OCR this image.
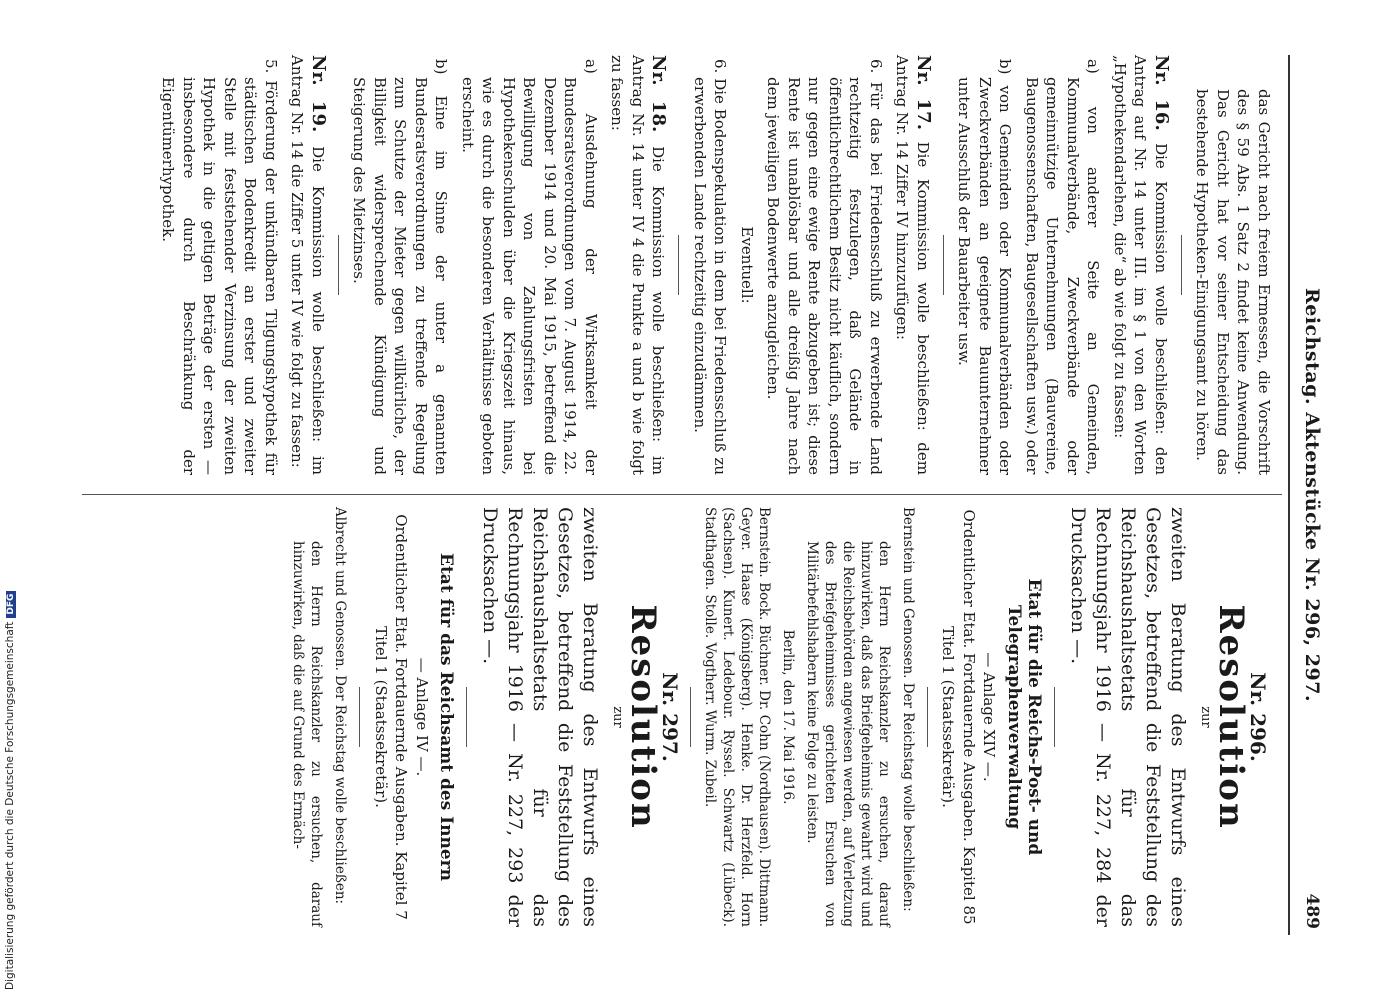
Digitalisierung gefördert durch die Deutsche ForschungsgemeinschaftDFG	Reichstag. Aktenstücke Nr. 296, 297.
489

das Gericht nach freiem Ermessen, die Vorschrift des § 59 Abs. 1 Satz 2 findet keine Anwendung. Das Gericht hat vor seiner Entscheidung das bestehende Hypotheken-Einigungsamt zu hören.

Nr. 16. Die Kommission wolle beschließen: den Antrag auf Nr. 14 unter III. im § 1 von den Worten „Hypothekendarlehen, die“ ab wie folgt zu fassen:

a) von anderer Seite an Gemeinden, Kommunalverbände, Zweckverbände oder gemeinnützige Unternehmungen (Bauvereine, Baugenossenschaften, Baugesellschaften usw.) oder

b) von Gemeinden oder Kommunalverbänden oder Zweckverbänden an geeignete Bauunternehmer unter Ausschluß der Bauarbeiter usw.

Nr. 17. Die Kommission wolle beschließen: dem Antrag Nr. 14 Ziffer IV hinzuzufügen:

6. Für das bei Friedensschluß zu erwerbende Land rechtzeitig festzulegen, daß Gelände in öffentlichrechtlichem Besitz nicht käuflich, sondern nur gegen eine ewige Rente abzugeben ist; diese Rente ist unablösbar und alle dreißig Jahre nach dem jeweiligen Bodenwerte anzugleichen.

Eventuell:

6. Die Bodenspekulation in dem bei Friedensschluß zu erwerbenden Lande rechtzeitig einzudämmen.

Nr. 18. Die Kommission wolle beschließen: im Antrag Nr. 14 unter IV 4 die Punkte a und b wie folgt zu fassen:

a) Ausdehnung der Wirksamkeit der Bundesratsverordnungen vom 7. August 1914, 22. Dezember 1914 und 20. Mai 1915, betreffend die Bewilligung von Zahlungsfristen bei Hypothekenschulden über die Kriegszeit hinaus, wie es durch die besonderen Verhältnisse geboten erscheint.

b) Eine im Sinne der unter a genannten Bundesratsverordnungen zu treffende Regelung zum Schutze der Mieter gegen willkürliche, der Billigkeit widersprechende Kündigung und Steigerung des Mietzinses.

Nr. 19. Die Kommission wolle beschließen: im Antrag Nr. 14 die Ziffer 5 unter IV wie folgt zu fassen:

5. Förderung der unkündbaren Tilgungshypothek für städtischen Bodenkredit an erster und zweiter Stelle mit feststehender Verzinsung der zweiten Hypothek in die geltigen Beträge der ersten — insbesondere durch Beschränkung der Eigentümerhypothek.

Nr. 296.
Resolution
zur

zweiten Beratung des Entwurfs eines Gesetzes, betreffend die Feststellung des Reichshaushaltsetats für das Rechnungsjahr 1916 — Nr. 227, 284 der Drucksachen —.

Etat für die Reichs-Post- und Telegraphenverwaltung
— Anlage XIV —.

Ordentlicher Etat. Fortdauernde Ausgaben. Kapitel 85 Titel 1 (Staatssekretär).

Bernstein und Genossen. Der Reichstag wolle beschließen:

den Herrn Reichskanzler zu ersuchen, darauf hinzuwirken, daß das Briefgeheimnis gewahrt wird und die Reichsbehörden angewiesen werden, auf Verletzung des Briefgeheimnisses gerichteten Ersuchen von Militärbefehlshabern keine Folge zu leisten.

Berlin, den 17. Mai 1916.

Bernstein. Bock. Büchner. Dr. Cohn (Nordhausen). Dittmann. Geyer. Haase (Königsberg). Henke. Dr. Herzfeld. Horn (Sachsen). Kunert. Ledebour. Ryssel. Schwartz (Lübeck). Stadthagen. Stolle. Vogtherr. Wurm. Zubeil.

Nr. 297.
Resolution
zur

zweiten Beratung des Entwurfs eines Gesetzes, betreffend die Feststellung des Reichshaushaltsetats für das Rechnungsjahr 1916 — Nr. 227, 293 der Drucksachen —.

Etat für das Reichsamt des Innern
— Anlage IV —.

Ordentlicher Etat. Fortdauernde Ausgaben. Kapitel 7 Titel 1 (Staatssekretär).

Albrecht und Genossen. Der Reichstag wolle beschließen:

den Herrn Reichskanzler zu ersuchen, darauf hinzuwirken, daß die auf Grund des Ermäch-
